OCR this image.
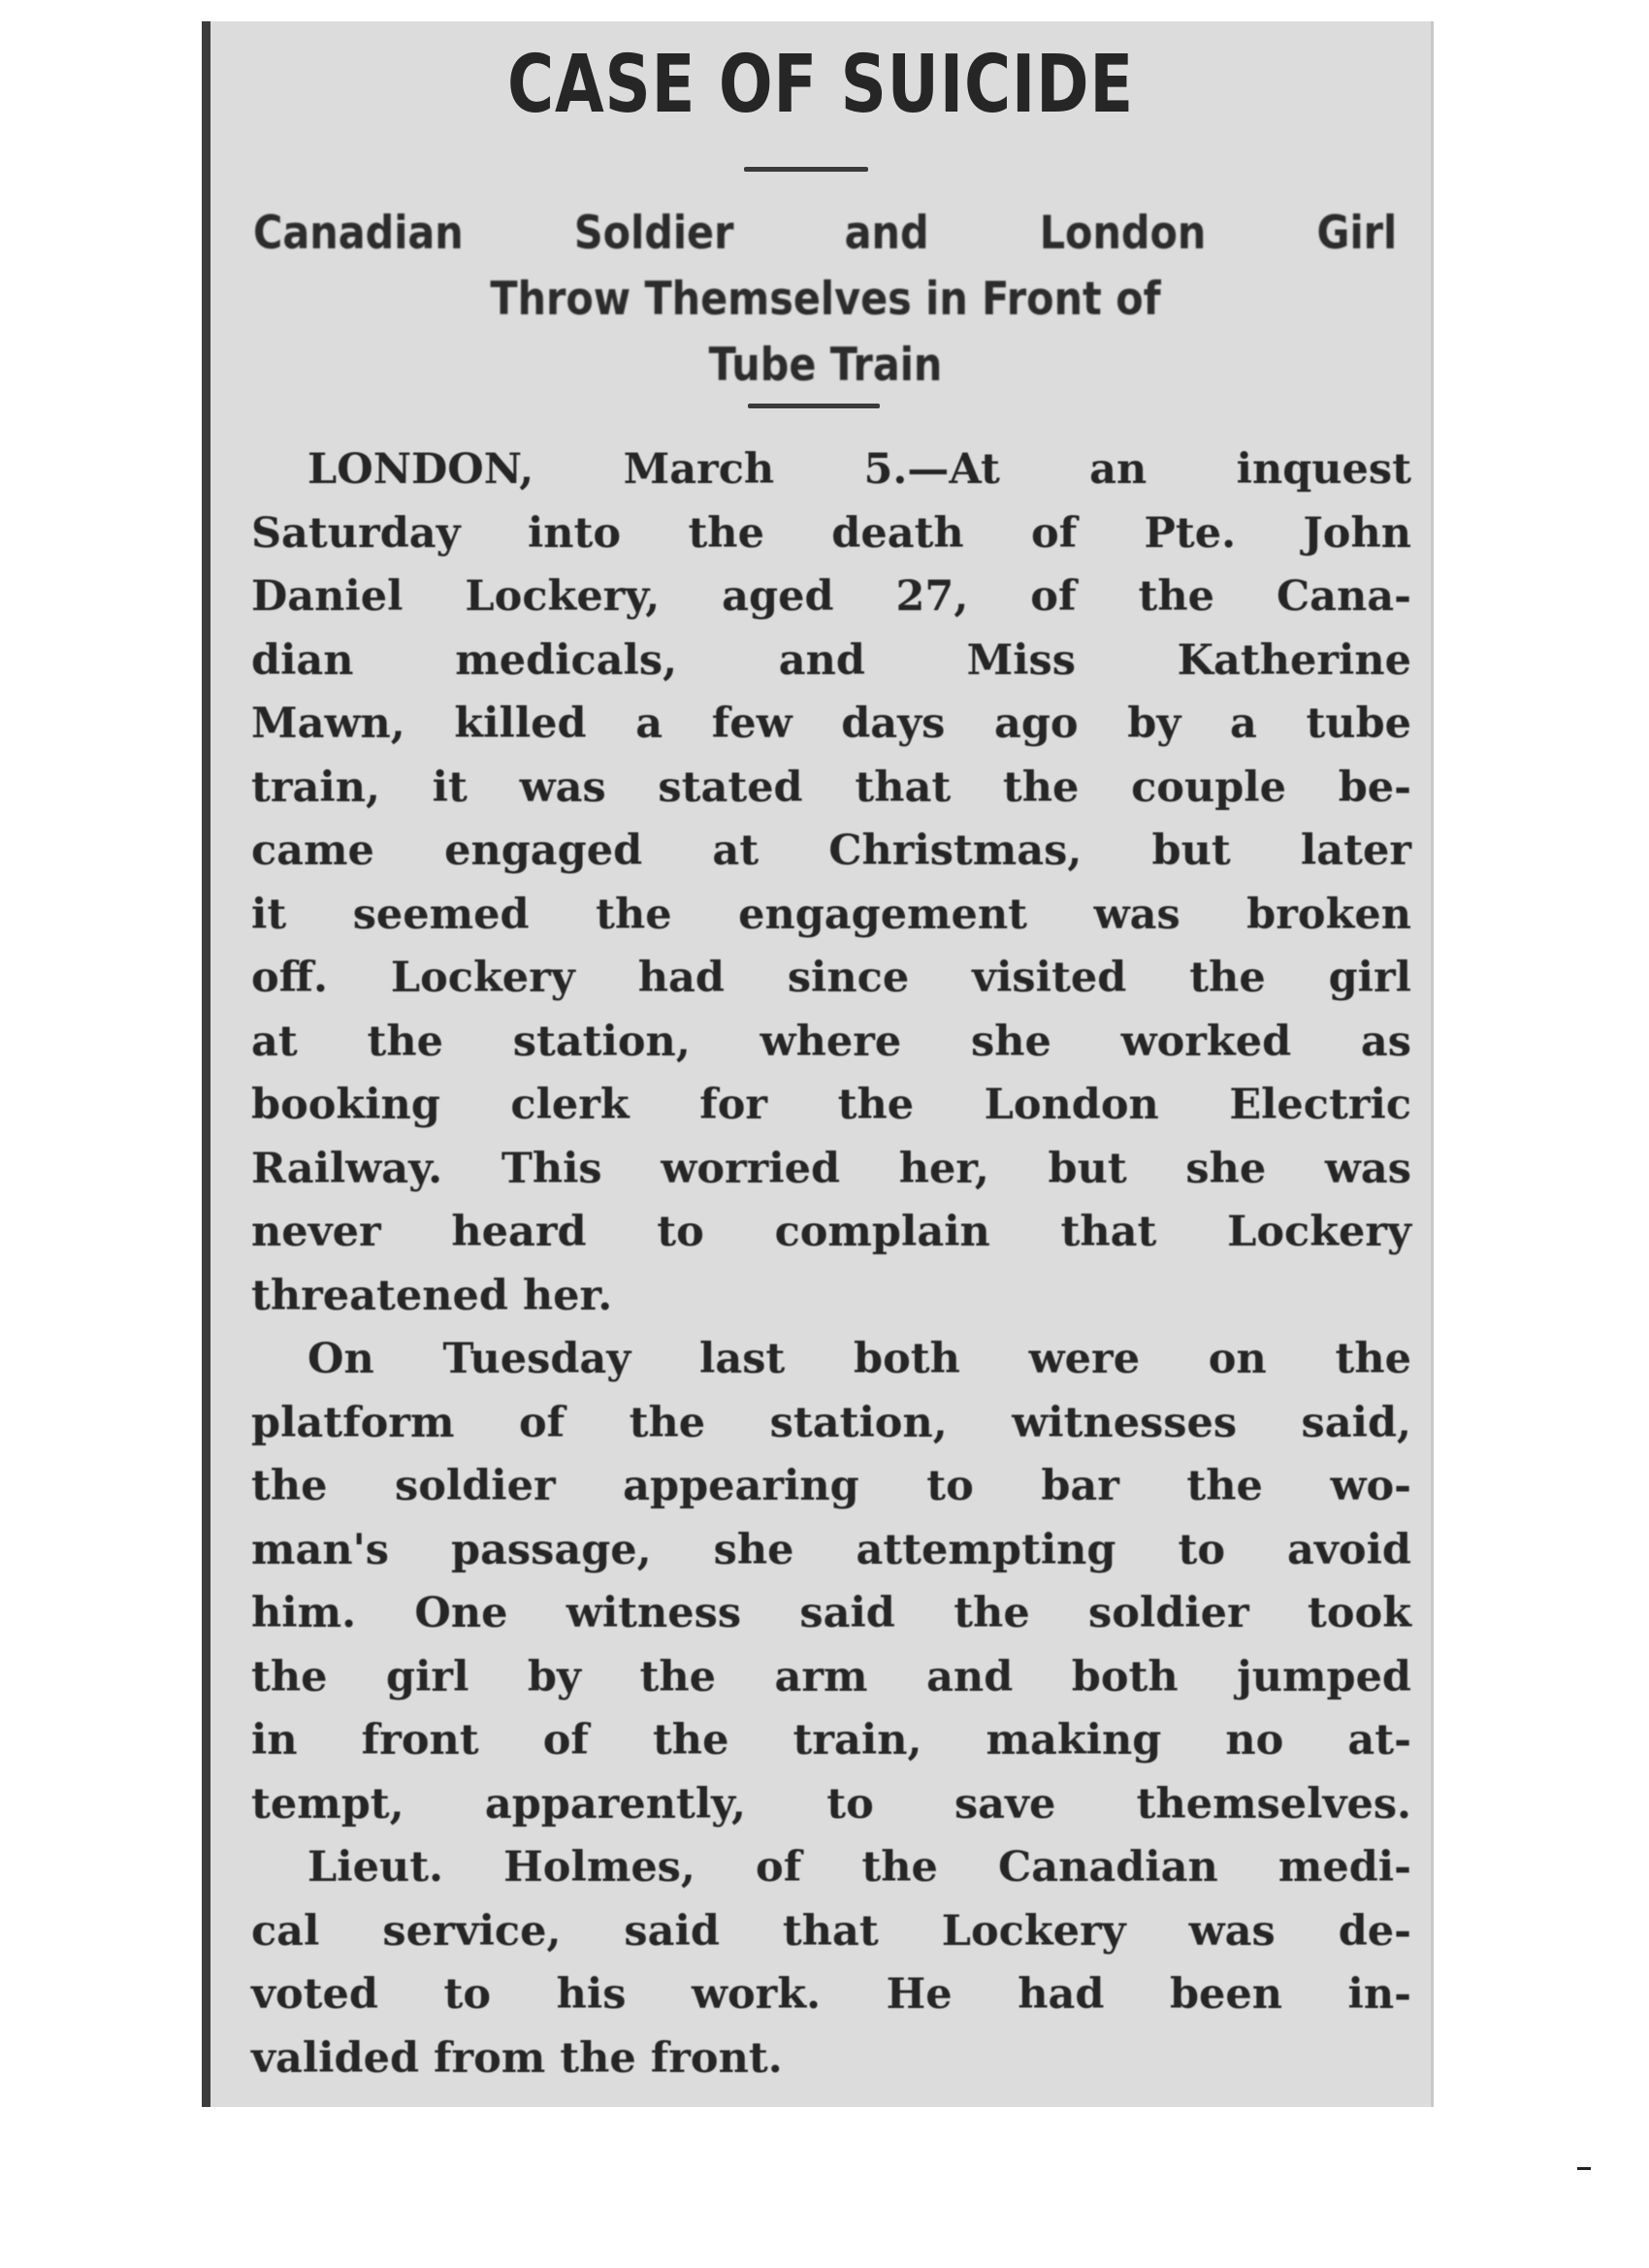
CASE OF SUICIDE
Canadian Soldier and London Girl
Throw Themselves in Front of
Tube Train
LONDON, March 5.—At an inquest
Saturday into the death of Pte. John
Daniel Lockery, aged 27, of the Cana-
dian medicals, and Miss Katherine
Mawn, killed a few days ago by a tube
train, it was stated that the couple be-
came engaged at Christmas, but later
it seemed the engagement was broken
off. Lockery had since visited the girl
at the station, where she worked as
booking clerk for the London Electric
Railway. This worried her, but she was
never heard to complain that Lockery
threatened her.
On Tuesday last both were on the
platform of the station, witnesses said,
the soldier appearing to bar the wo-
man's passage, she attempting to avoid
him. One witness said the soldier took
the girl by the arm and both jumped
in front of the train, making no at-
tempt, apparently, to save themselves.
Lieut. Holmes, of the Canadian medi-
cal service, said that Lockery was de-
voted to his work. He had been in-
valided from the front.
